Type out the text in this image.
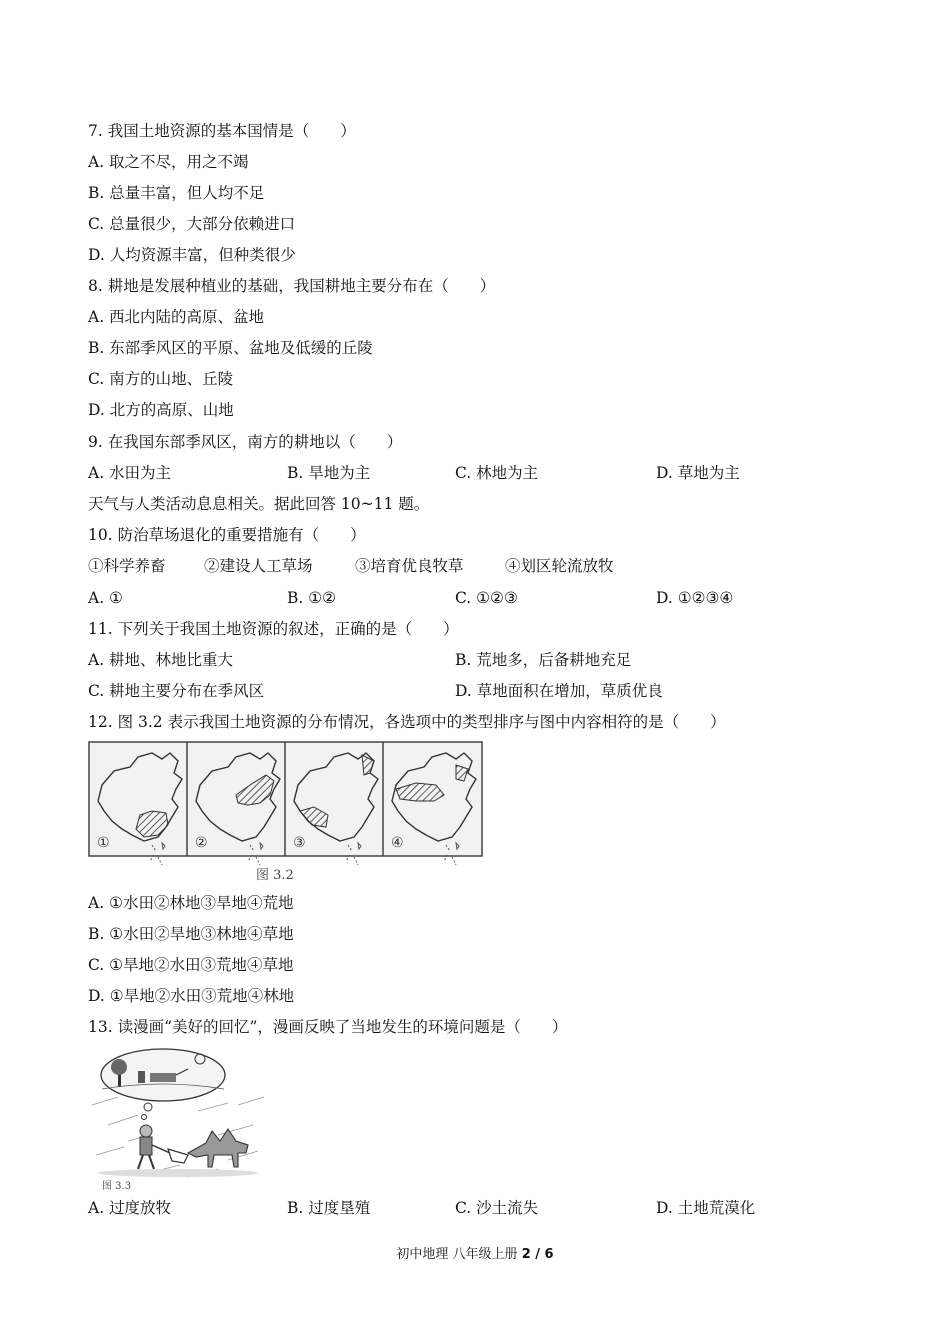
7. 我国土地资源的基本国情是（　　）
A. 取之不尽，用之不竭
B. 总量丰富，但人均不足
C. 总量很少，大部分依赖进口
D. 人均资源丰富，但种类很少
8. 耕地是发展种植业的基础，我国耕地主要分布在（　　）
A. 西北内陆的高原、盆地
B. 东部季风区的平原、盆地及低缓的丘陵
C. 南方的山地、丘陵
D. 北方的高原、山地
9. 在我国东部季风区，南方的耕地以（　　）
A. 水田为主	B. 旱地为主	C. 林地为主	D. 草地为主
天气与人类活动息息相关。据此回答 10~11 题。
10. 防治草场退化的重要措施有（　　）
①科学养畜 ②建设人工草场	③培育优良牧草	④划区轮流放牧
A. ①	B. ①②	C. ①②③	D. ①②③④
11. 下列关于我国土地资源的叙述，正确的是（　　）
A. 耕地、林地比重大	B. 荒地多，后备耕地充足
C. 耕地主要分布在季风区	D. 草地面积在增加，草质优良
12. 图 3.2 表示我国土地资源的分布情况，各选项中的类型排序与图中内容相符的是（　　）
①	②	③	④
图 3.2
A. ①水田②林地③旱地④荒地
B. ①水田②旱地③林地④草地
C. ①旱地②水田③荒地④草地
D. ①旱地②水田③荒地④林地
13. 读漫画“美好的回忆”，漫画反映了当地发生的环境问题是（　　）
图 3.3
A. 过度放牧	B. 过度垦殖	C. 沙土流失	D. 土地荒漠化
初中地理 八年级上册 2 / 6
